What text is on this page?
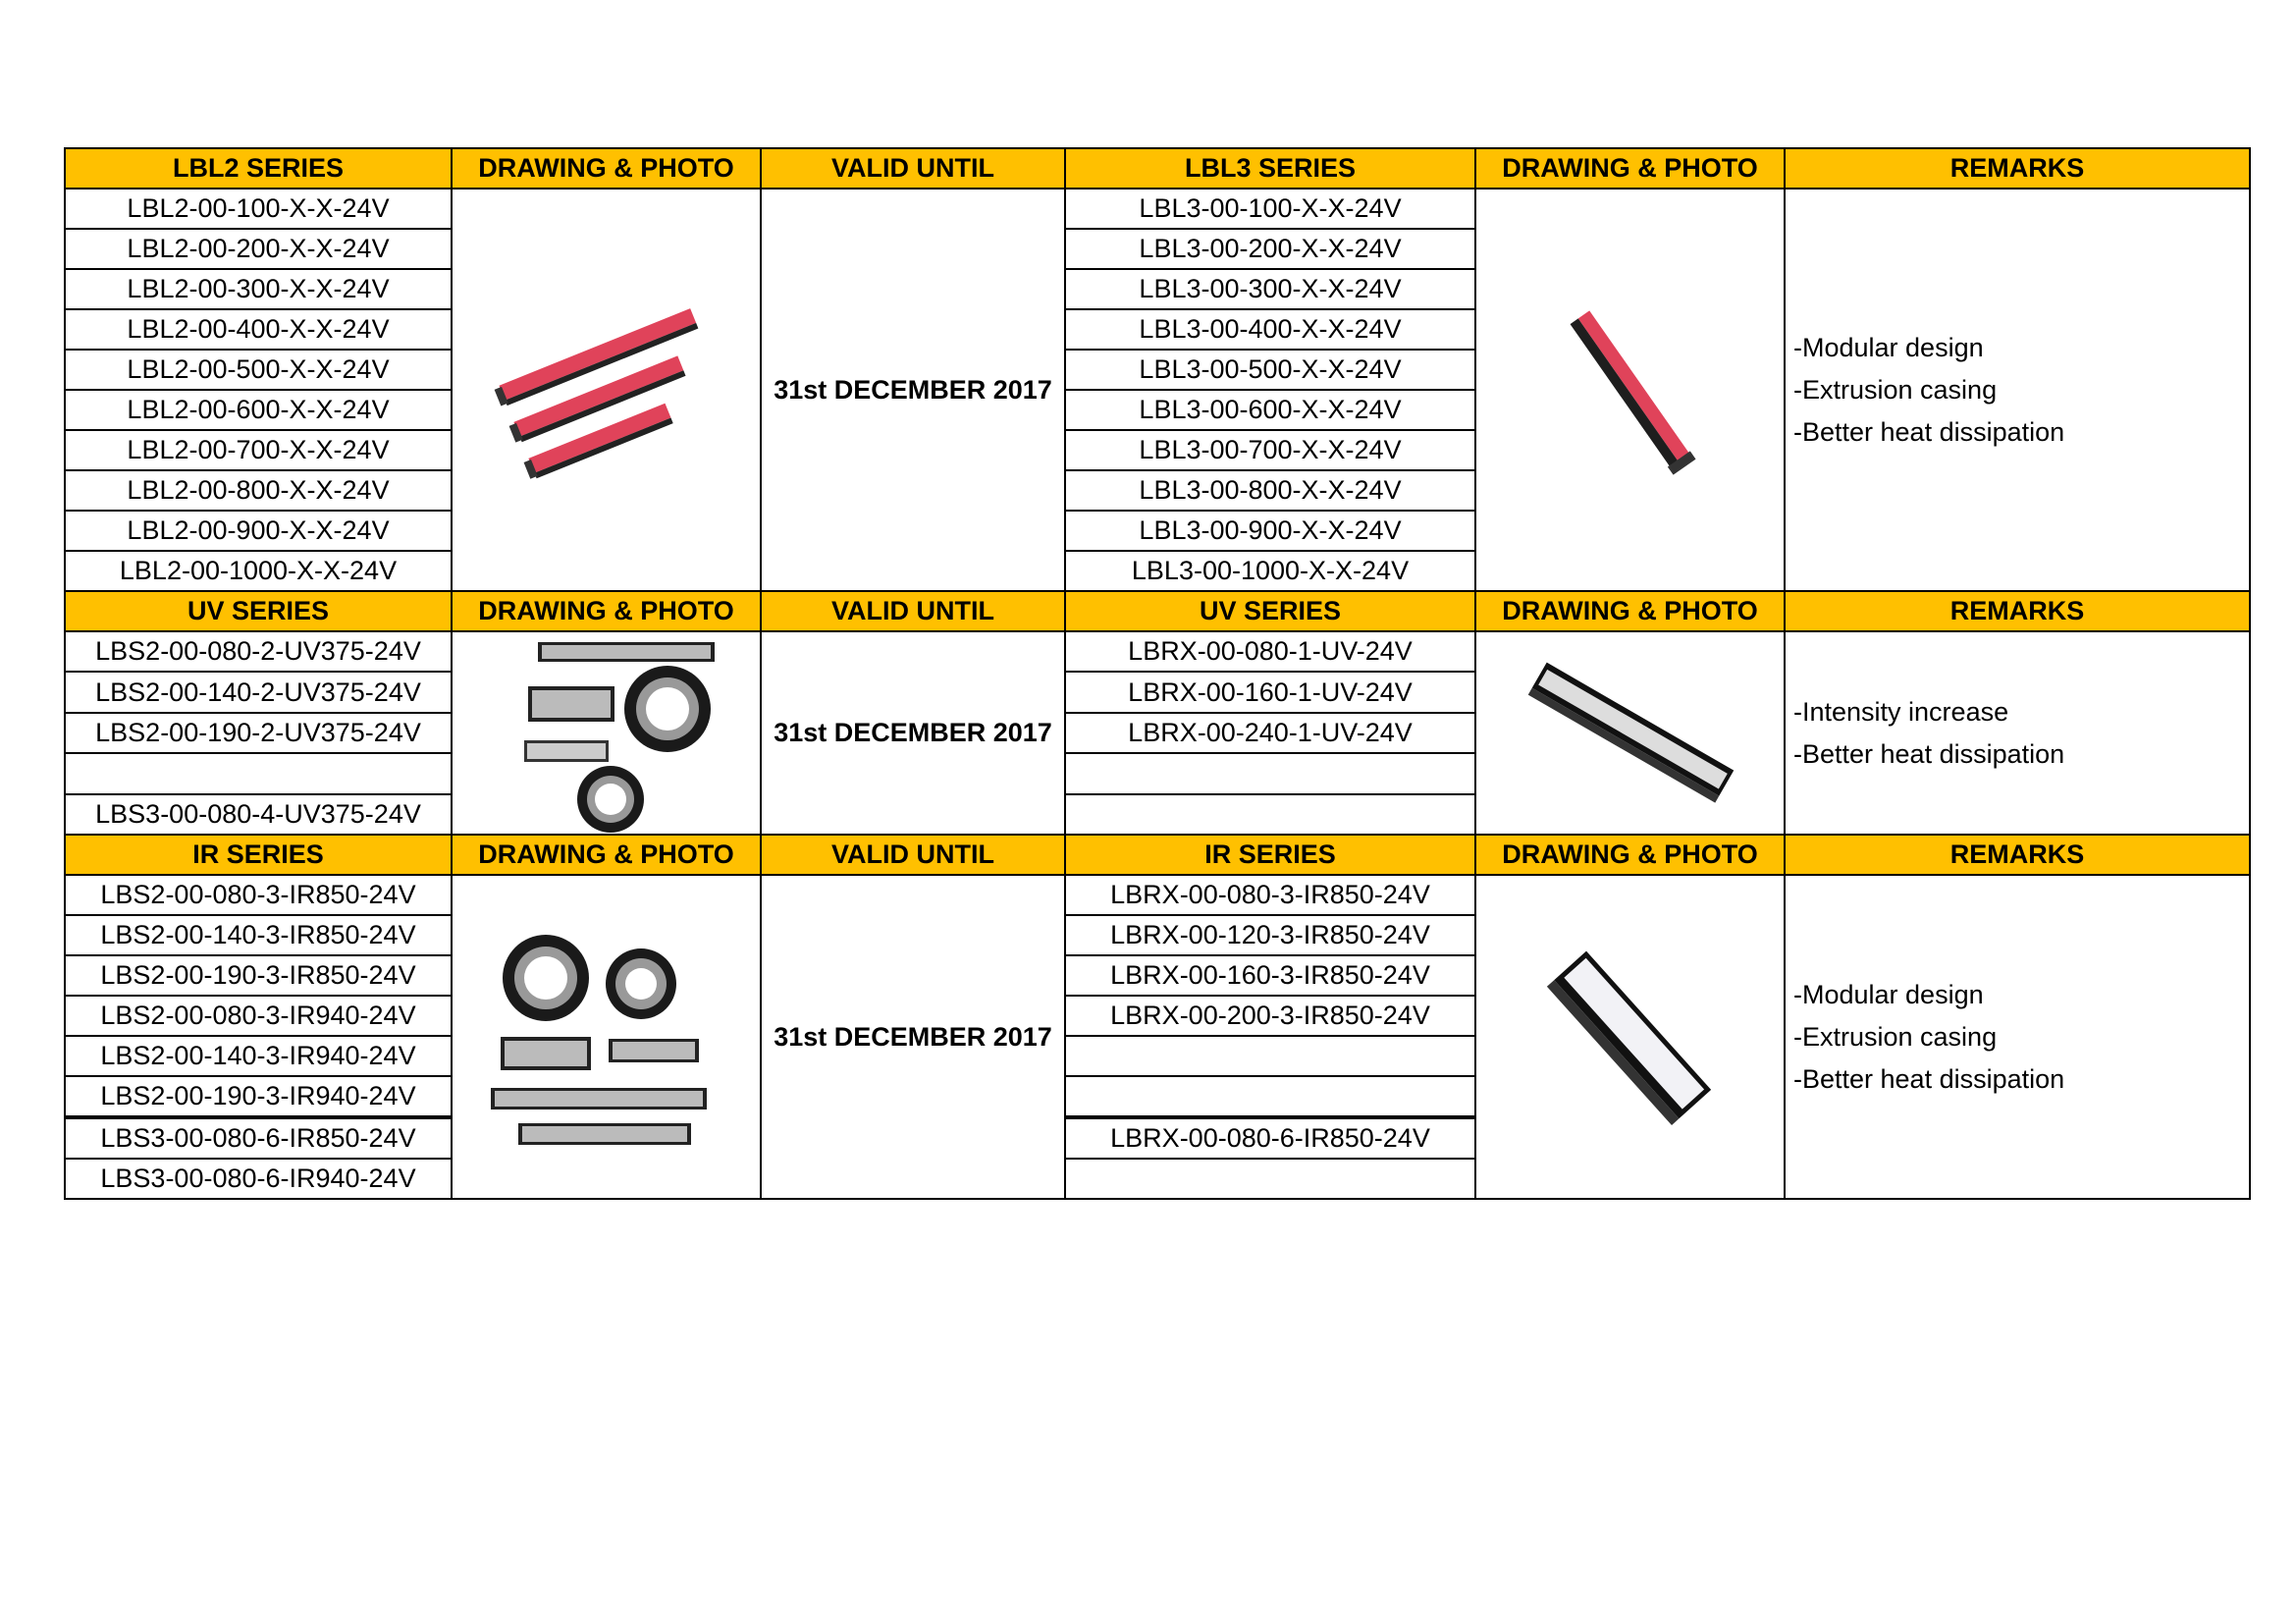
LBL2 SERIES	DRAWING & PHOTO	VALID UNTIL	LBL3 SERIES	DRAWING & PHOTO	REMARKS
LBL2-00-100-X-X-24V		31st DECEMBER 2017	LBL3-00-100-X-X-24V		-Modular design
-Extrusion casing
-Better heat dissipation

LBL2-00-200-X-X-24V			LBL3-00-200-X-X-24V		
LBL2-00-300-X-X-24V			LBL3-00-300-X-X-24V		
LBL2-00-400-X-X-24V			LBL3-00-400-X-X-24V		
LBL2-00-500-X-X-24V			LBL3-00-500-X-X-24V		
LBL2-00-600-X-X-24V			LBL3-00-600-X-X-24V		
LBL2-00-700-X-X-24V			LBL3-00-700-X-X-24V		
LBL2-00-800-X-X-24V			LBL3-00-800-X-X-24V		
LBL2-00-900-X-X-24V			LBL3-00-900-X-X-24V		
LBL2-00-1000-X-X-24V			LBL3-00-1000-X-X-24V		
UV SERIES	DRAWING & PHOTO	VALID UNTIL	UV SERIES	DRAWING & PHOTO	REMARKS
LBS2-00-080-2-UV375-24V		31st DECEMBER 2017	LBRX-00-080-1-UV-24V		-Intensity increase
-Better heat dissipation

LBS2-00-140-2-UV375-24V			LBRX-00-160-1-UV-24V		
LBS2-00-190-2-UV375-24V			LBRX-00-240-1-UV-24V		

LBS3-00-080-4-UV375-24V					
IR SERIES	DRAWING & PHOTO	VALID UNTIL	IR SERIES	DRAWING & PHOTO	REMARKS
LBS2-00-080-3-IR850-24V		31st DECEMBER 2017	LBRX-00-080-3-IR850-24V		-Modular design
-Extrusion casing
-Better heat dissipation

LBS2-00-140-3-IR850-24V			LBRX-00-120-3-IR850-24V		
LBS2-00-190-3-IR850-24V			LBRX-00-160-3-IR850-24V		
LBS2-00-080-3-IR940-24V			LBRX-00-200-3-IR850-24V		
LBS2-00-140-3-IR940-24V					
LBS2-00-190-3-IR940-24V					
LBS3-00-080-6-IR850-24V			LBRX-00-080-6-IR850-24V		
LBS3-00-080-6-IR940-24V					
